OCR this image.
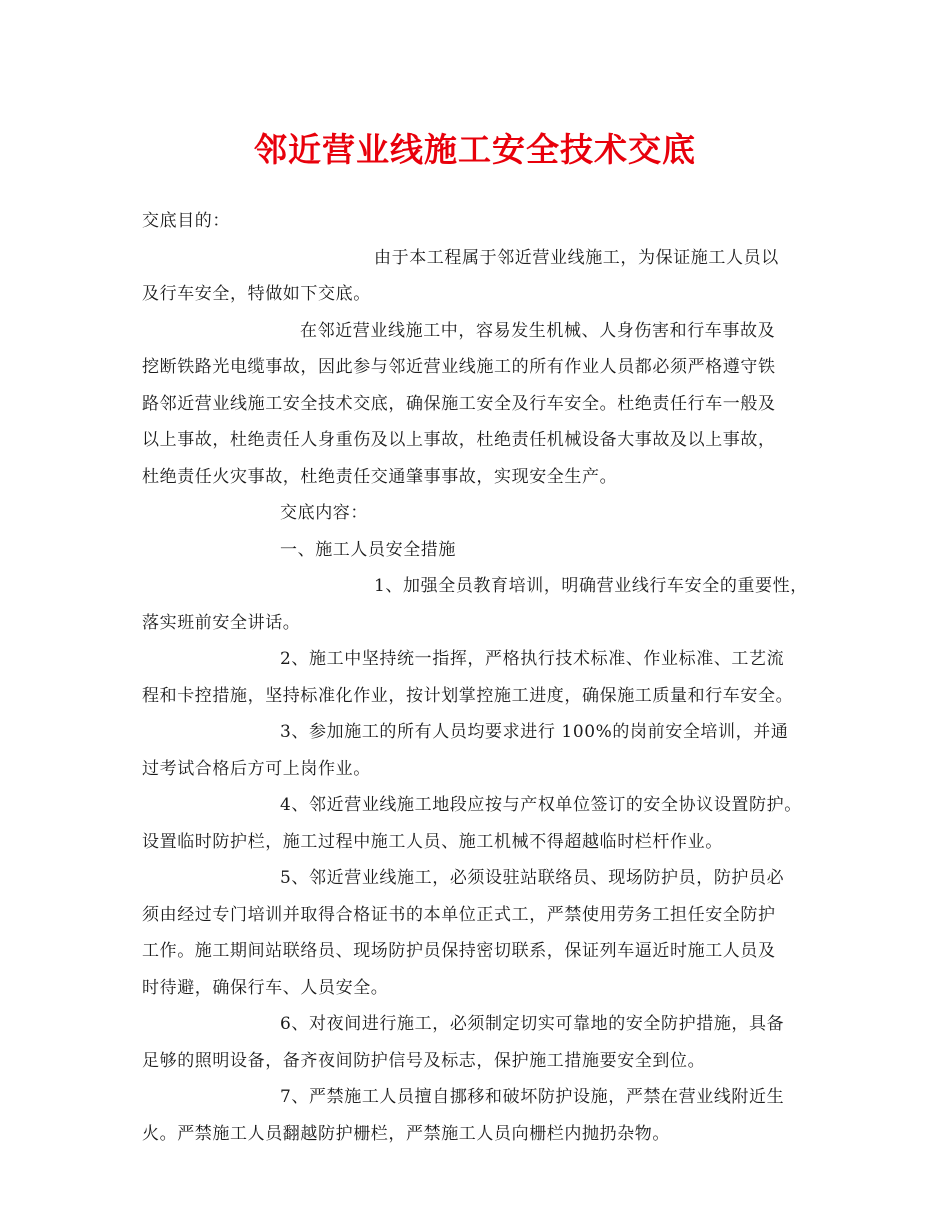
邻近营业线施工安全技术交底
交底目的：
由于本工程属于邻近营业线施工，为保证施工人员以
及行车安全，特做如下交底。
在邻近营业线施工中，容易发生机械、人身伤害和行车事故及
挖断铁路光电缆事故，因此参与邻近营业线施工的所有作业人员都必须严格遵守铁
路邻近营业线施工安全技术交底，确保施工安全及行车安全。杜绝责任行车一般及
以上事故，杜绝责任人身重伤及以上事故，杜绝责任机械设备大事故及以上事故，
杜绝责任火灾事故，杜绝责任交通肇事事故，实现安全生产。
交底内容：
一、施工人员安全措施
1、加强全员教育培训，明确营业线行车安全的重要性，
落实班前安全讲话。
2、施工中坚持统一指挥，严格执行技术标准、作业标准、工艺流
程和卡控措施，坚持标准化作业，按计划掌控施工进度，确保施工质量和行车安全。
3、参加施工的所有人员均要求进行 100%的岗前安全培训，并通
过考试合格后方可上岗作业。
4、邻近营业线施工地段应按与产权单位签订的安全协议设置防护。
设置临时防护栏，施工过程中施工人员、施工机械不得超越临时栏杆作业。
5、邻近营业线施工，必须设驻站联络员、现场防护员，防护员必
须由经过专门培训并取得合格证书的本单位正式工，严禁使用劳务工担任安全防护
工作。施工期间站联络员、现场防护员保持密切联系，保证列车逼近时施工人员及
时待避，确保行车、人员安全。
6、对夜间进行施工，必须制定切实可靠地的安全防护措施，具备
足够的照明设备，备齐夜间防护信号及标志，保护施工措施要安全到位。
7、严禁施工人员擅自挪移和破坏防护设施，严禁在营业线附近生
火。严禁施工人员翻越防护栅栏，严禁施工人员向栅栏内抛扔杂物。
